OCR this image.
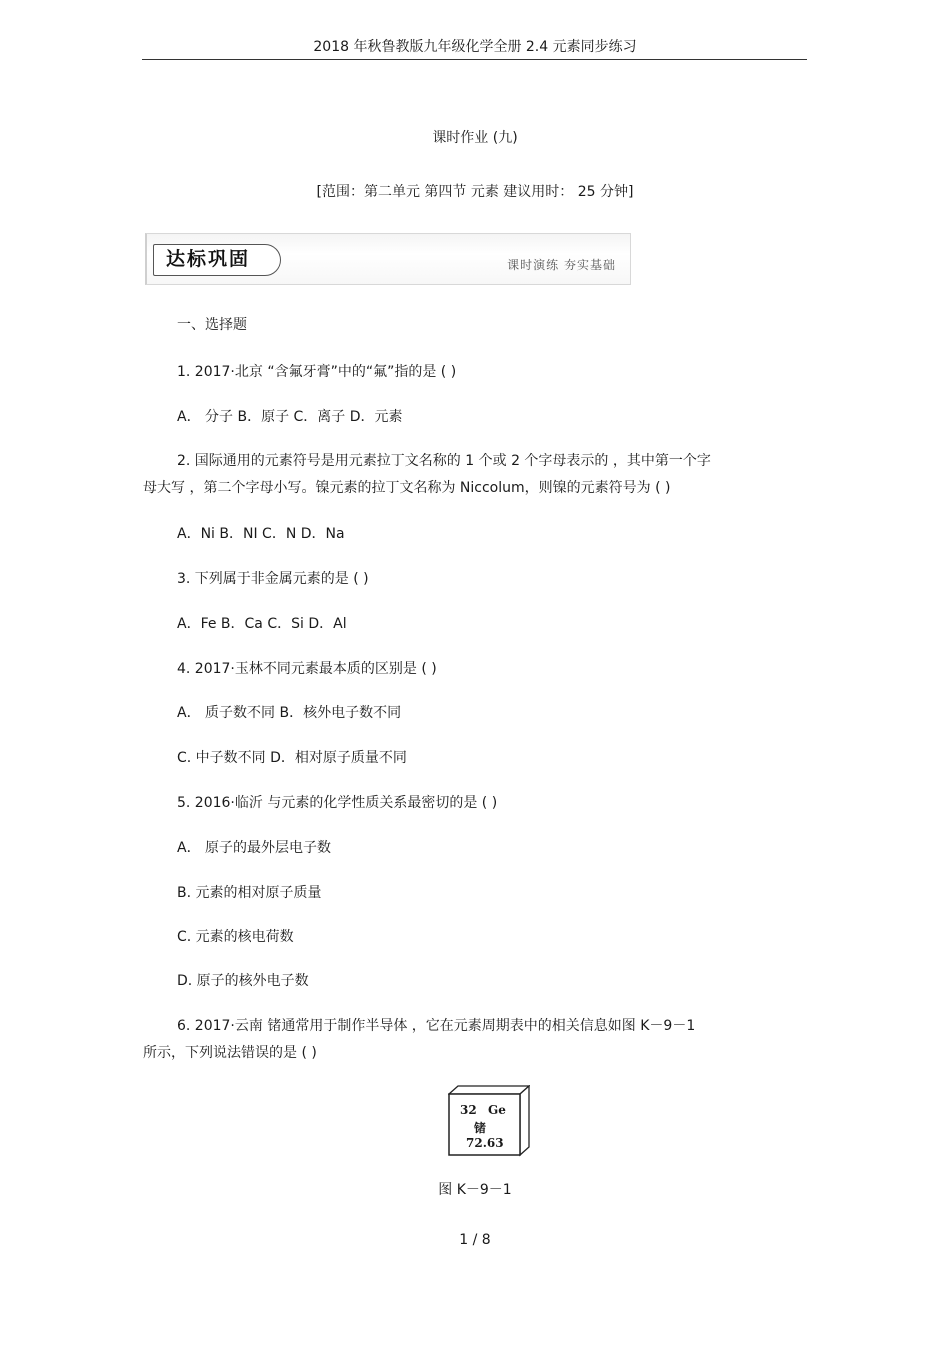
2018 年秋鲁教版九年级化学全册 2.4 元素同步练习
课时作业 (九)
[范围：第二单元 第四节 元素 建议用时： 25 分钟]
达标巩固	课时演练 夯实基础
一、选择题
1. 2017·北京 “含氟牙膏”中的“氟”指的是 ( )
A． 分子 B．原子 C．离子 D．元素
2. 国际通用的元素符号是用元素拉丁文名称的 1 个或 2 个字母表示的 ，其中第一个字
母大写 ，第二个字母小写。镍元素的拉丁文名称为 Niccolum，则镍的元素符号为 ( )
A．Ni B．NI C．N D．Na
3. 下列属于非金属元素的是 ( )
A．Fe B．Ca C．Si D．Al
4. 2017·玉林不同元素最本质的区别是 ( )
A． 质子数不同 B．核外电子数不同
C. 中子数不同 D．相对原子质量不同
5. 2016·临沂 与元素的化学性质关系最密切的是 ( )
A． 原子的最外层电子数
B. 元素的相对原子质量
C. 元素的核电荷数
D. 原子的核外电子数
6. 2017·云南 锗通常用于制作半导体 ，它在元素周期表中的相关信息如图 K－9－1
所示，下列说法错误的是 ( )
32 Ge
锗
72.63
图 K－9－1
1 / 8
